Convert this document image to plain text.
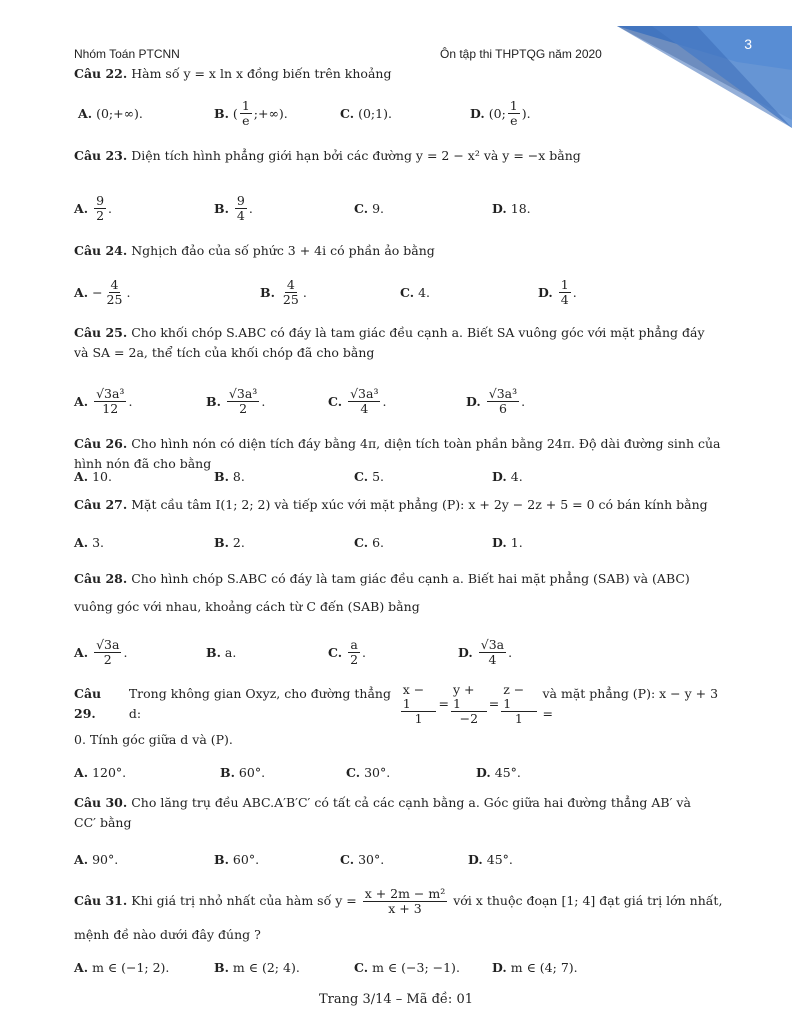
3
Nhóm Toán PTCNN	Ôn tập thi THPTQG năm 2020
Câu 22. Hàm số y = x ln x đồng biến trên khoảng
A. (0;+∞).	B. ( $\frac{1}{e}$ ;+∞).	C. (0;1).	D. (0; $\frac{1}{e}$ ).
Câu 23. Diện tích hình phẳng giới hạn bởi các đường y = 2 − x² và y = −x bằng
A. $\frac{9}{2}$ .	B. $\frac{9}{4}$ .	C. 9.	D. 18.
Câu 24. Nghịch đảo của số phức 3 + 4i có phần ảo bằng
A. − $\frac{4}{25}$ .	B. $\frac{4}{25}$ .	C. 4.	D. $\frac{1}{4}$ .
Câu 25. Cho khối chóp S.ABC có đáy là tam giác đều cạnh a. Biết SA vuông góc với mặt phẳng đáy
và SA = 2a, thể tích của khối chóp đã cho bằng
A. $\frac{\text{√3a³}}{12}$ .	B. $\frac{\text{√3a³}}{2}$ .	C. $\frac{\text{√3a³}}{4}$ .	D. $\frac{\text{√3a³}}{6}$ .
Câu 26. Cho hình nón có diện tích đáy bằng 4π, diện tích toàn phần bằng 24π. Độ dài đường sinh của
hình nón đã cho bằng
A. 10.	B. 8.	C. 5.	D. 4.
Câu 27. Mặt cầu tâm I(1; 2; 2) và tiếp xúc với mặt phẳng (P): x + 2y − 2z + 5 = 0 có bán kính bằng
A. 3.	B. 2.	C. 6.	D. 1.
Câu 28. Cho hình chóp S.ABC có đáy là tam giác đều cạnh a. Biết hai mặt phẳng (SAB) và (ABC)
vuông góc với nhau, khoảng cách từ C đến (SAB) bằng
A. $\frac{√3a}{2}$ .	B. a.	C. $\frac{a}{2}$ .	D. $\frac{√3a}{4}$ .
Câu 29.

Trong không gian Oxyz, cho đường thẳng d:
	$\frac{x - 1}{1} = \frac{y + 1}{-2} = \frac{z - 1}{1}$
và mặt phẳng (P): x − y + 3 =
0. Tính góc giữa d và (P).
A. 120°.	B. 60°.	C. 30°.	D. 45°.
Câu 30. Cho lăng trụ đều ABC.A′B′C′ có tất cả các cạnh bằng a. Góc giữa hai đường thẳng AB′ và
CC′ bằng
A. 90°.	B. 60°.	C. 30°.	D. 45°.
Câu 31.
Khi giá trị nhỏ nhất của hàm số y =
$\frac{\text{x + 2m − m²}}{x + 3}$
với x thuộc đoạn [1; 4] đạt giá trị lớn nhất,
mệnh đề nào dưới đây đúng ?
A. m ∈ (−1; 2).	B. m ∈ (2; 4).	C. m ∈ (−3; −1).	D. m ∈ (4; 7).
Trang 3/14 – Mã đề: 01
